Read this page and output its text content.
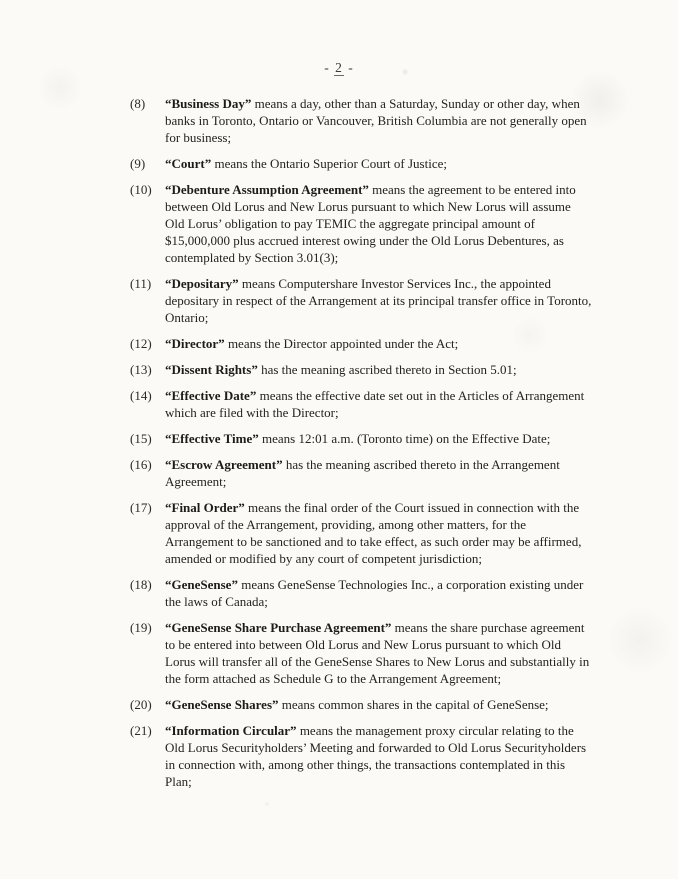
- 2 -
(8)	“Business Day” means a day, other than a Saturday, Sunday or other day, when banks in Toronto, Ontario or Vancouver, British Columbia are not generally open for business;
(9)	“Court” means the Ontario Superior Court of Justice;
(10)	“Debenture Assumption Agreement” means the agreement to be entered into between Old Lorus and New Lorus pursuant to which New Lorus will assume Old Lorus’ obligation to pay TEMIC the aggregate principal amount of $15,000,000 plus accrued interest owing under the Old Lorus Debentures, as contemplated by Section 3.01(3);
(11)	“Depositary” means Computershare Investor Services Inc., the appointed depositary in respect of the Arrangement at its principal transfer office in Toronto, Ontario;
(12)	“Director” means the Director appointed under the Act;
(13)	“Dissent Rights” has the meaning ascribed thereto in Section 5.01;
(14)	“Effective Date” means the effective date set out in the Articles of Arrangement which are filed with the Director;
(15)	“Effective Time” means 12:01 a.m. (Toronto time) on the Effective Date;
(16)	“Escrow Agreement” has the meaning ascribed thereto in the Arrangement Agreement;
(17)	“Final Order” means the final order of the Court issued in connection with the approval of the Arrangement, providing, among other matters, for the Arrangement to be sanctioned and to take effect, as such order may be affirmed, amended or modified by any court of competent jurisdiction;
(18)	“GeneSense” means GeneSense Technologies Inc., a corporation existing under the laws of Canada;
(19)	“GeneSense Share Purchase Agreement” means the share purchase agreement to be entered into between Old Lorus and New Lorus pursuant to which Old Lorus will transfer all of the GeneSense Shares to New Lorus and substantially in the form attached as Schedule G to the Arrangement Agreement;
(20)	“GeneSense Shares” means common shares in the capital of GeneSense;
(21)	“Information Circular” means the management proxy circular relating to the Old Lorus Securityholders’ Meeting and forwarded to Old Lorus Securityholders in connection with, among other things, the transactions contemplated in this Plan;
